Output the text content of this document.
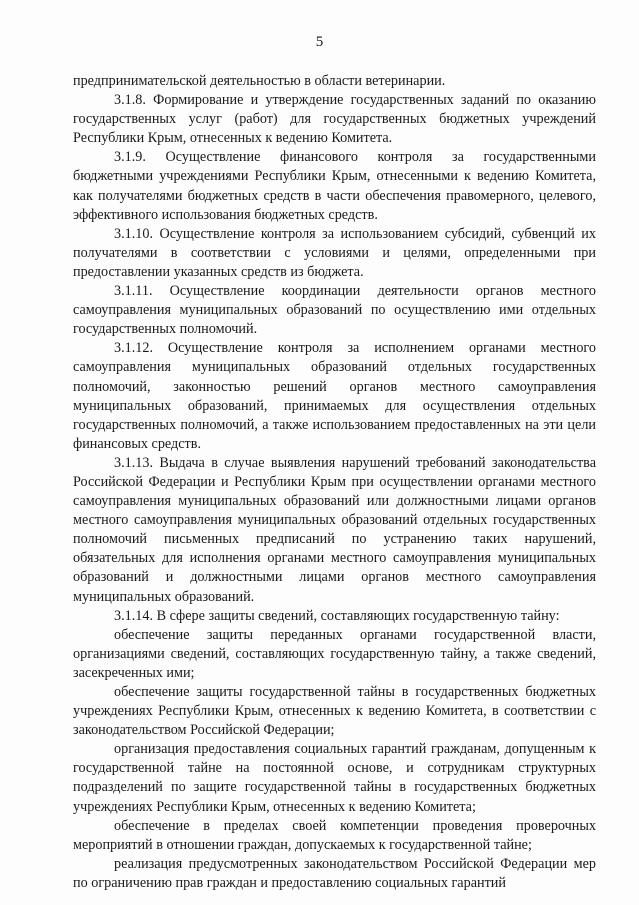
5

предпринимательской деятельностью в области ветеринарии.

3.1.8. Формирование и утверждение государственных заданий по оказанию государственных услуг (работ) для государственных бюджетных учреждений Республики Крым, отнесенных к ведению Комитета.

3.1.9. Осуществление финансового контроля за государственными бюджетными учреждениями Республики Крым, отнесенными к ведению Комитета, как получателями бюджетных средств в части обеспечения правомерного, целевого, эффективного использования бюджетных средств.

3.1.10. Осуществление контроля за использованием субсидий, субвенций их получателями в соответствии с условиями и целями, определенными при предоставлении указанных средств из бюджета.

3.1.11. Осуществление координации деятельности органов местного самоуправления муниципальных образований по осуществлению ими отдельных государственных полномочий.

3.1.12. Осуществление контроля за исполнением органами местного самоуправления муниципальных образований отдельных государственных полномочий, законностью решений органов местного самоуправления муниципальных образований, принимаемых для осуществления отдельных государственных полномочий, а также использованием предоставленных на эти цели финансовых средств.

3.1.13. Выдача в случае выявления нарушений требований законодательства Российской Федерации и Республики Крым при осуществлении органами местного самоуправления муниципальных образований или должностными лицами органов местного самоуправления муниципальных образований отдельных государственных полномочий письменных предписаний по устранению таких нарушений, обязательных для исполнения органами местного самоуправления муниципальных образований и должностными лицами органов местного самоуправления муниципальных образований.

3.1.14. В сфере защиты сведений, составляющих государственную тайну:

обеспечение защиты переданных органами государственной власти, организациями сведений, составляющих государственную тайну, а также сведений, засекреченных ими;

обеспечение защиты государственной тайны в государственных бюджетных учреждениях Республики Крым, отнесенных к ведению Комитета, в соответствии с законодательством Российской Федерации;

организация предоставления социальных гарантий гражданам, допущенным к государственной тайне на постоянной основе, и сотрудникам структурных подразделений по защите государственной тайны в государственных бюджетных учреждениях Республики Крым, отнесенных к ведению Комитета;

обеспечение в пределах своей компетенции проведения проверочных мероприятий в отношении граждан, допускаемых к государственной тайне;

реализация предусмотренных законодательством Российской Федерации мер по ограничению прав граждан и предоставлению социальных гарантий
